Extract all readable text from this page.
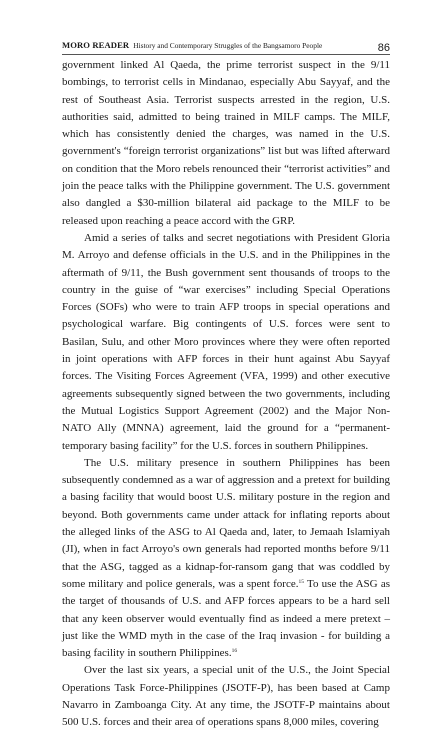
MORO READER History and Contemporary Struggles of the Bangsamoro People	86

government linked Al Qaeda, the prime terrorist suspect in the 9/11 bombings, to terrorist cells in Mindanao, especially Abu Sayyaf, and the rest of Southeast Asia. Terrorist suspects arrested in the region, U.S. authorities said, admitted to being trained in MILF camps. The MILF, which has consistently denied the charges, was named in the U.S. government's “foreign terrorist organizations” list but was lifted afterward on condition that the Moro rebels renounced their “terrorist activities” and join the peace talks with the Philippine government. The U.S. government also dangled a $30-million bilateral aid package to the MILF to be released upon reaching a peace accord with the GRP.

Amid a series of talks and secret negotiations with President Gloria M. Arroyo and defense officials in the U.S. and in the Philippines in the aftermath of 9/11, the Bush government sent thousands of troops to the country in the guise of “war exercises” including Special Operations Forces (SOFs) who were to train AFP troops in special operations and psychological warfare. Big contingents of U.S. forces were sent to Basilan, Sulu, and other Moro provinces where they were often reported in joint operations with AFP forces in their hunt against Abu Sayyaf forces. The Visiting Forces Agreement (VFA, 1999) and other executive agreements subsequently signed between the two governments, including the Mutual Logistics Support Agreement (2002) and the Major Non-NATO Ally (MNNA) agreement, laid the ground for a “permanent-temporary basing facility” for the U.S. forces in southern Philippines.

The U.S. military presence in southern Philippines has been subsequently condemned as a war of aggression and a pretext for building a basing facility that would boost U.S. military posture in the region and beyond. Both governments came under attack for inflating reports about the alleged links of the ASG to Al Qaeda and, later, to Jemaah Islamiyah (JI), when in fact Arroyo's own generals had reported months before 9/11 that the ASG, tagged as a kidnap-for-ransom gang that was coddled by some military and police generals, was a spent force.$^{15}$ To use the ASG as the target of thousands of U.S. and AFP forces appears to be a hard sell that any keen observer would eventually find as indeed a mere pretext – just like the WMD myth in the case of the Iraq invasion - for building a basing facility in southern Philippines.$^{16}$

Over the last six years, a special unit of the U.S., the Joint Special Operations Task Force-Philippines (JSOTF-P), has been based at Camp Navarro in Zamboanga City. At any time, the JSOTF-P maintains about 500 U.S. forces and their area of operations spans 8,000 miles, covering
